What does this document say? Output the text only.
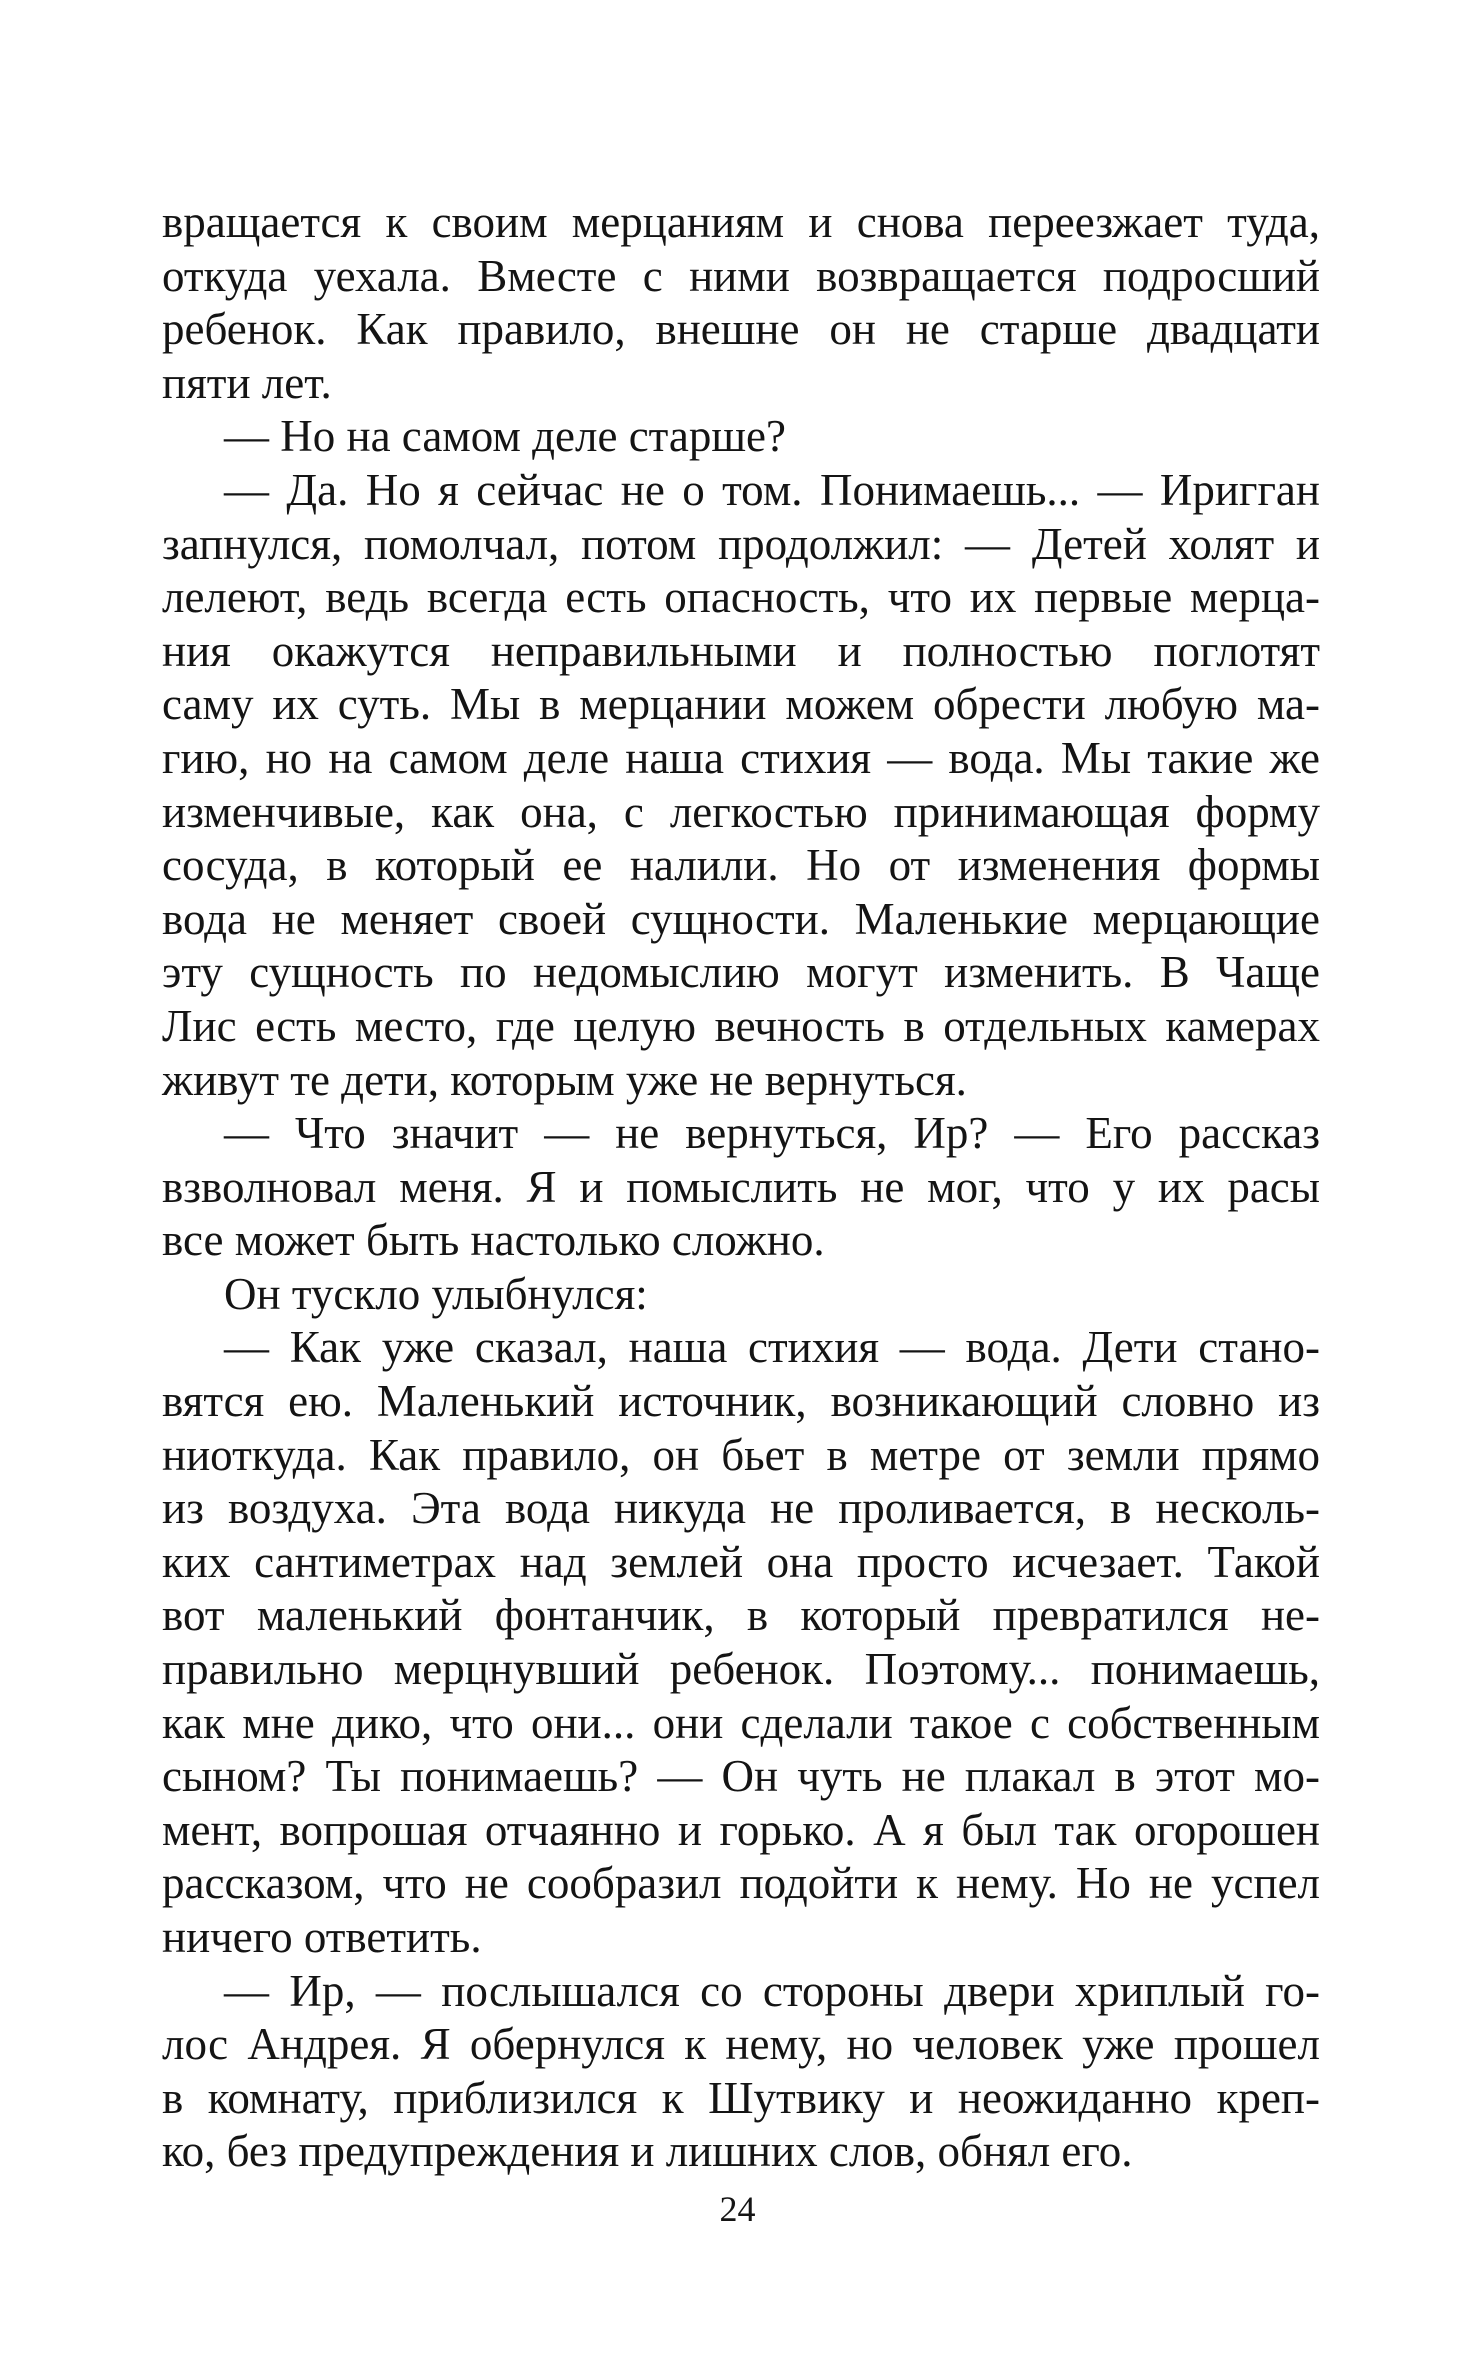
вращается к своим мерцаниям и снова переезжает туда,
откуда уехала. Вместе с ними возвращается подросший
ребенок. Как правило, внешне он не старше двадцати
пяти лет.
— Но на самом деле старше?
— Да. Но я сейчас не о том. Понимаешь... — Иригган
запнулся, помолчал, потом продолжил: — Детей холят и
лелеют, ведь всегда есть опасность, что их первые мерца-
ния окажутся неправильными и полностью поглотят
саму их суть. Мы в мерцании можем обрести любую ма-
гию, но на самом деле наша стихия — вода. Мы такие же
изменчивые, как она, с легкостью принимающая форму
сосуда, в который ее налили. Но от изменения формы
вода не меняет своей сущности. Маленькие мерцающие
эту сущность по недомыслию могут изменить. В Чаще
Лис есть место, где целую вечность в отдельных камерах
живут те дети, которым уже не вернуться.
— Что значит — не вернуться, Ир? — Его рассказ
взволновал меня. Я и помыслить не мог, что у их расы
все может быть настолько сложно.
Он тускло улыбнулся:
— Как уже сказал, наша стихия — вода. Дети стано-
вятся ею. Маленький источник, возникающий словно из
ниоткуда. Как правило, он бьет в метре от земли прямо
из воздуха. Эта вода никуда не проливается, в несколь-
ких сантиметрах над землей она просто исчезает. Такой
вот маленький фонтанчик, в который превратился не-
правильно мерцнувший ребенок. Поэтому... понимаешь,
как мне дико, что они... они сделали такое с собственным
сыном? Ты понимаешь? — Он чуть не плакал в этот мо-
мент, вопрошая отчаянно и горько. А я был так огорошен
рассказом, что не сообразил подойти к нему. Но не успел
ничего ответить.
— Ир, — послышался со стороны двери хриплый го-
лос Андрея. Я обернулся к нему, но человек уже прошел
в комнату, приблизился к Шутвику и неожиданно креп-
ко, без предупреждения и лишних слов, обнял его.
24
